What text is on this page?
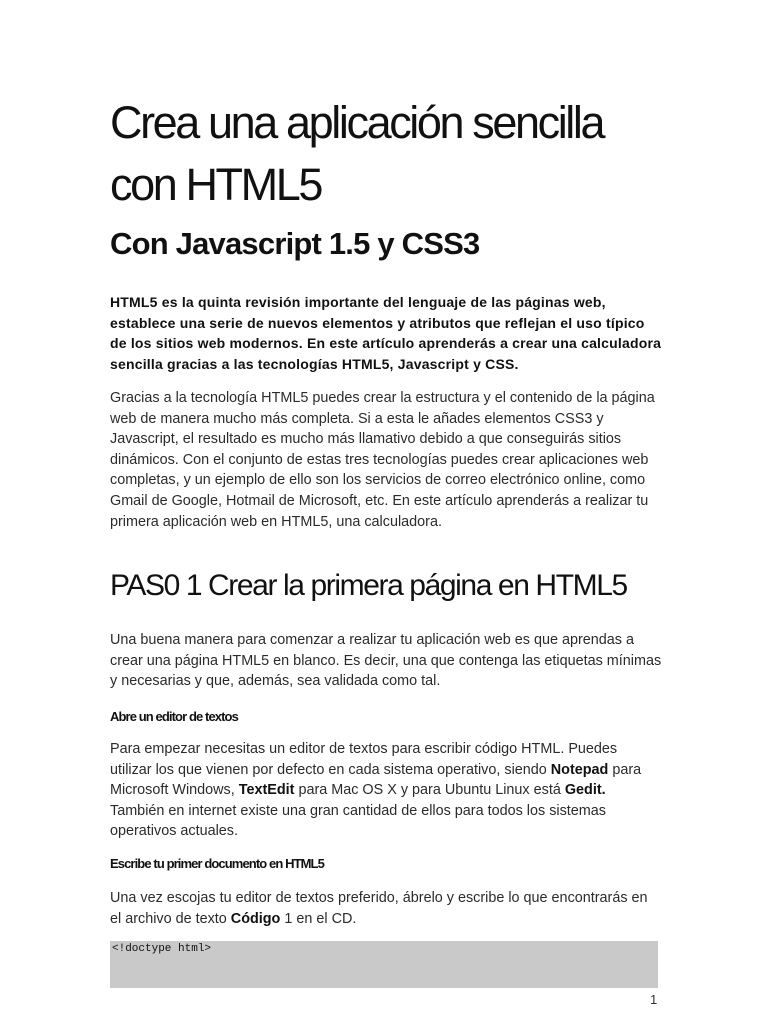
Crea una aplicación sencilla con HTML5
Con Javascript 1.5 y CSS3

HTML5 es la quinta revisión importante del lenguaje de las páginas web, establece una serie de nuevos elementos y atributos que reflejan el uso típico de los sitios web modernos. En este artículo aprenderás a crear una calculadora sencilla gracias a las tecnologías HTML5, Javascript y CSS.

Gracias a la tecnología HTML5 puedes crear la estructura y el contenido de la página web de manera mucho más completa. Si a esta le añades elementos CSS3 y Javascript, el resultado es mucho más llamativo debido a que conseguirás sitios dinámicos. Con el conjunto de estas tres tecnologías puedes crear aplicaciones web completas, y un ejemplo de ello son los servicios de correo electrónico online, como Gmail de Google, Hotmail de Microsoft, etc. En este artículo aprenderás a realizar tu primera aplicación web en HTML5, una calculadora.

PAS0 1 Crear la primera página en HTML5

Una buena manera para comenzar a realizar tu aplicación web es que aprendas a crear una página HTML5 en blanco. Es decir, una que contenga las etiquetas mínimas y necesarias y que, además, sea validada como tal.

Abre un editor de textos

Para empezar necesitas un editor de textos para escribir código HTML. Puedes utilizar los que vienen por defecto en cada sistema operativo, siendo Notepad para Microsoft Windows, TextEdit para Mac OS X y para Ubuntu Linux está Gedit. También en internet existe una gran cantidad de ellos para todos los sistemas operativos actuales.

Escribe tu primer documento en HTML5

Una vez escojas tu editor de textos preferido, ábrelo y escribe lo que encontrarás en el archivo de texto Código 1 en el CD.

<!doctype html>
1
